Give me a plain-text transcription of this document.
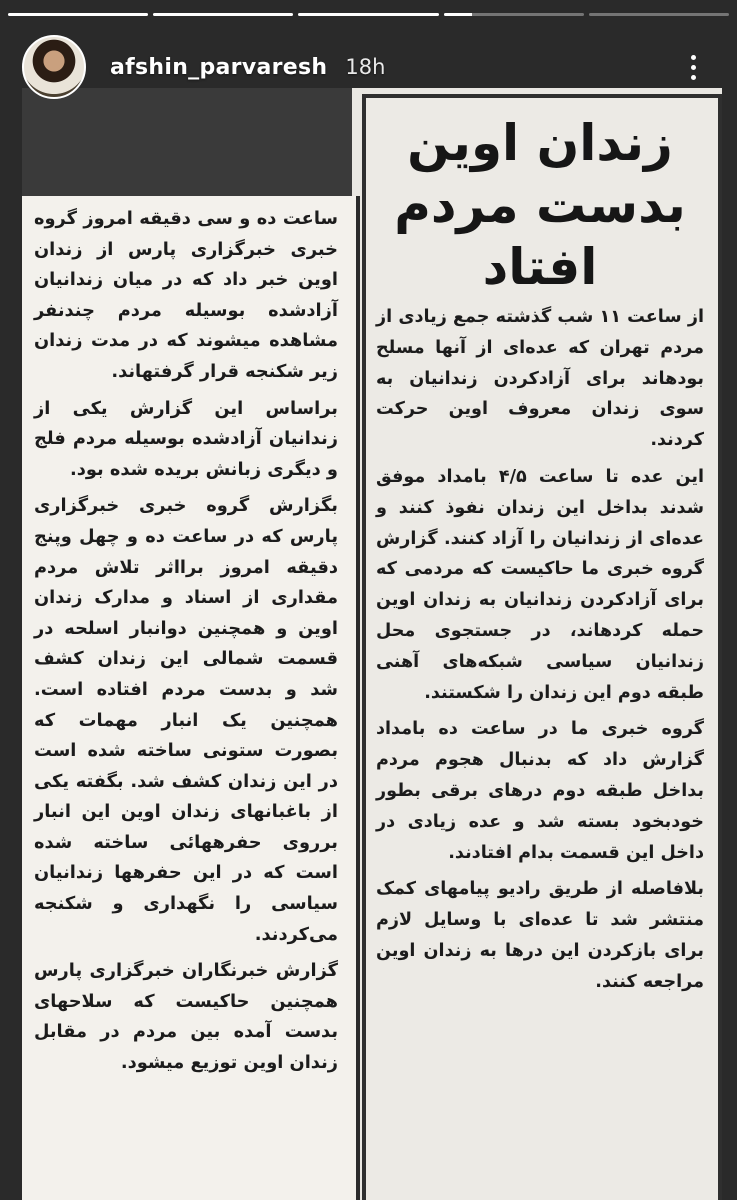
afshin_parvaresh 18h
زندان اوین
بدست مردم
افتاد

از ساعت ۱۱ شب گذشته جمع زیادی از مردم تهران که عده‌ای از آنها مسلح بودهاند برای آزادکردن زندانیان به سوی زندان معروف اوین حرکت کردند.

این عده تا ساعت ۴/۵ بامداد موفق شدند بداخل این زندان نفوذ کنند و عده‌ای از زندانیان را آزاد کنند. گزارش گروه خبری ما حاکیست که مردمی که برای آزادکردن زندانیان به زندان اوین حمله کردهاند، در جستجوی محل زندانیان سیاسی شبکه‌های آهنی طبقه دوم این زندان را شکستند.

گروه خبری ما در ساعت ده بامداد گزارش داد که بدنبال هجوم مردم بداخل طبقه دوم درهای برقی بطور خودبخود بسته شد و عده زیادی در داخل این قسمت بدام افتادند.

بلافاصله از طریق رادیو پیامهای کمک منتشر شد تا عده‌ای با وسایل لازم برای بازکردن این درها به زندان اوین مراجعه کنند.

ساعت ده و سی دقیقه امروز گروه خبری خبرگزاری پارس از زندان اوین خبر داد که در میان زندانیان آزادشده بوسیله مردم چندنفر مشاهده میشوند که در مدت زندان زیر شکنجه قرار گرفتهاند.

براساس این گزارش یکی از زندانیان آزادشده بوسیله مردم فلج و دیگری زبانش بریده شده بود.

بگزارش گروه خبری خبرگزاری پارس که در ساعت ده و چهل وپنج دقیقه امروز برااثر تلاش مردم مقداری از اسناد و مدارک زندان اوین و همچنین دوانبار اسلحه در قسمت شمالی این زندان کشف شد و بدست مردم افتاده است. همچنین یک انبار مهمات که بصورت ستونی ساخته شده است در این زندان کشف شد. بگفته یکی از باغبانهای زندان اوین این انبار برروی حفرههائی ساخته شده است که در این حفرهها زندانیان سیاسی را نگهداری و شکنجه می‌کردند.

گزارش خبرنگاران خبرگزاری پارس همچنین حاکیست که سلاحهای بدست آمده بین مردم در مقابل زندان اوین توزیع میشود.
